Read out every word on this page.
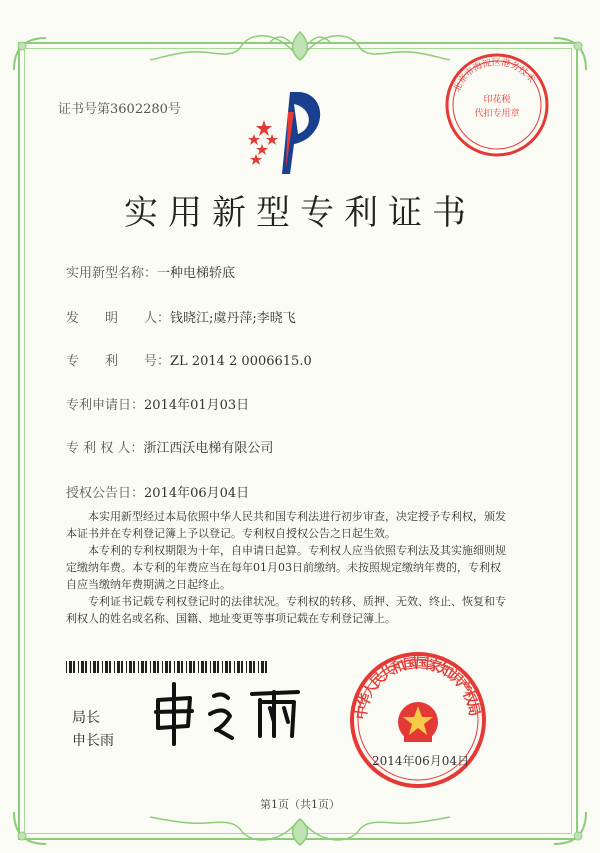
证书号第3602280号
北京市海淀区港务技术
印花税
代扣专用章
实用新型专利证书
实用新型名称：一种电梯轿底
发　　明　　人：钱晓江;虞丹萍;李晓飞
专　　利　　号：ZL 2014 2 0006615.0
专利申请日：2014年01月03日
专 利 权 人：浙江西沃电梯有限公司
授权公告日：2014年06月04日

本实用新型经过本局依照中华人民共和国专利法进行初步审查，决定授予专利权，颁发本证书并在专利登记簿上予以登记。专利权自授权公告之日起生效。

本专利的专利权期限为十年，自申请日起算。专利权人应当依照专利法及其实施细则规定缴纳年费。本专利的年费应当在每年01月03日前缴纳。未按照规定缴纳年费的，专利权自应当缴纳年费期满之日起终止。

专利证书记载专利权登记时的法律状况。专利权的转移、质押、无效、终止、恢复和专利权人的姓名或名称、国籍、地址变更等事项记载在专利登记簿上。

局长
申长雨
中华人民共和国国家知识产权局
2014年06月04日
第1页（共1页）
